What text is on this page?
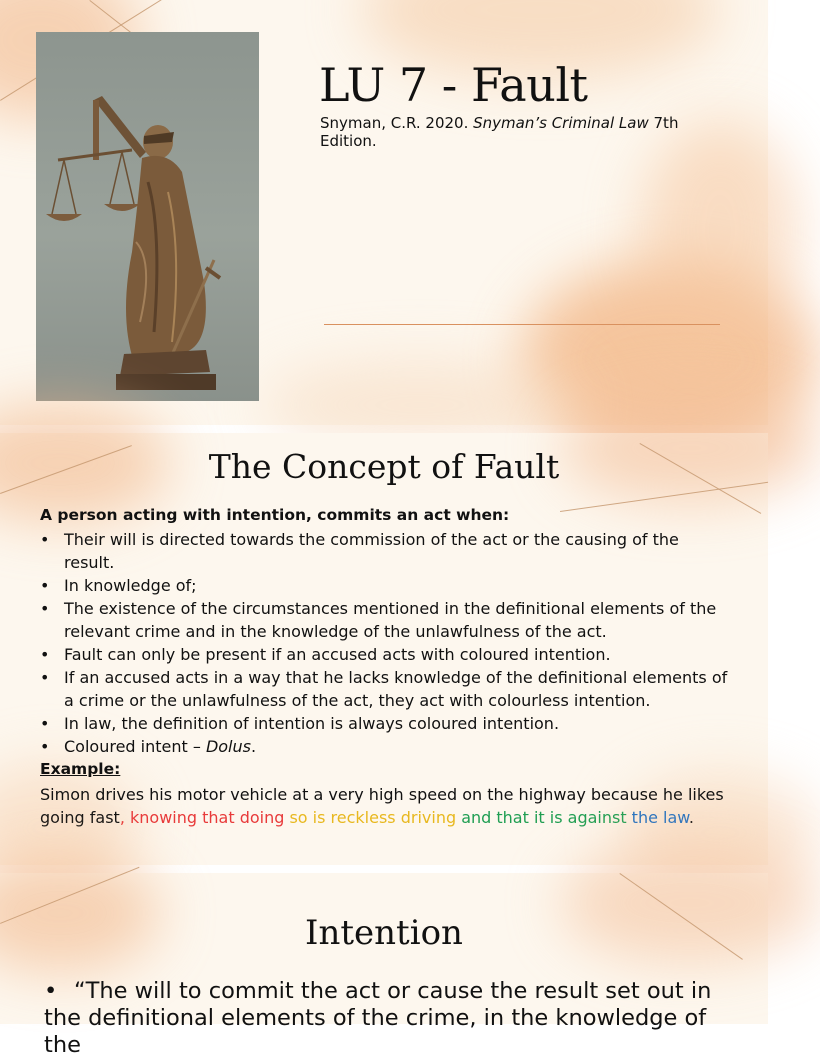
LU 7 - Fault
Snyman, C.R. 2020. Snyman’s Criminal Law 7th Edition.
The Concept of Fault
A person acting with intention, commits an act when:
• Their will is directed towards the commission of the act or the causing of the result.
• In knowledge of;
• The existence of the circumstances mentioned in the definitional elements of the relevant crime and in the knowledge of the unlawfulness of the act.
• Fault can only be present if an accused acts with coloured intention.
• If an accused acts in a way that he lacks knowledge of the definitional elements of a crime or the unlawfulness of the act, they act with colourless intention.
• In law, the definition of intention is always coloured intention.
• Coloured intent – Dolus.
Example:
Simon drives his motor vehicle at a very high speed on the highway because he likes going fast, knowing that doing so is reckless driving and that it is against the law.
Intention
• “The will to commit the act or cause the result set out in the definitional elements of the crime, in the knowledge of the
